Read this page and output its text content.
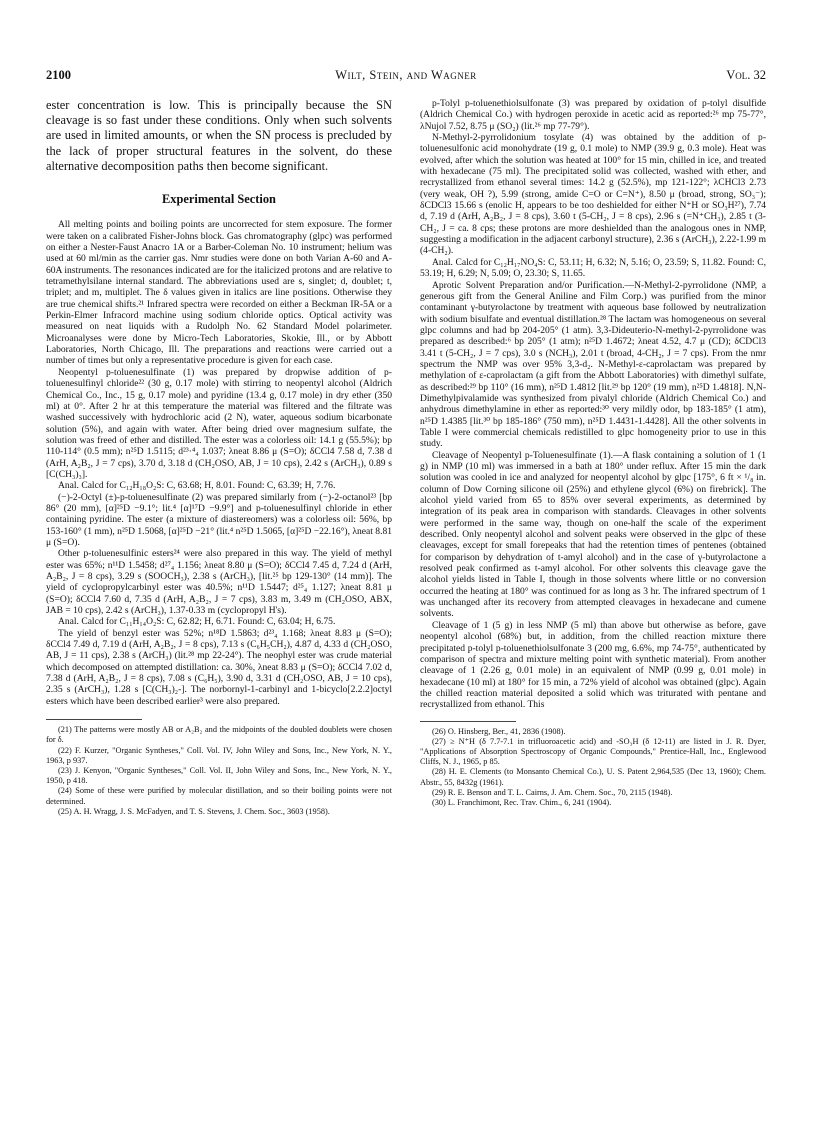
2100	Wilt, Stein, and Wagner	Vol. 32

ester concentration is low. This is principally because the SN cleavage is so fast under these conditions. Only when such solvents are used in limited amounts, or when the SN process is precluded by the lack of proper structural features in the solvent, do these alternative decomposition paths then become significant.

Experimental Section

All melting points and boiling points are uncorrected for stem exposure. The former were taken on a calibrated Fisher-Johns block. Gas chromatography (glpc) was performed on either a Nester-Faust Anacro 1A or a Barber-Coleman No. 10 instrument; helium was used at 60 ml/min as the carrier gas. Nmr studies were done on both Varian A-60 and A-60A instruments. The resonances indicated are for the italicized protons and are relative to tetramethylsilane internal standard. The abbreviations used are s, singlet; d, doublet; t, triplet; and m, multiplet. The δ values given in italics are line positions. Otherwise they are true chemical shifts.²¹ Infrared spectra were recorded on either a Beckman IR-5A or a Perkin-Elmer Infracord machine using sodium chloride optics. Optical activity was measured on neat liquids with a Rudolph No. 62 Standard Model polarimeter. Microanalyses were done by Micro-Tech Laboratories, Skokie, Ill., or by Abbott Laboratories, North Chicago, Ill. The preparations and reactions were carried out a number of times but only a representative procedure is given for each case.

Neopentyl p-toluenesulfinate (1) was prepared by dropwise addition of p-toluenesulfinyl chloride²² (30 g, 0.17 mole) with stirring to neopentyl alcohol (Aldrich Chemical Co., Inc., 15 g, 0.17 mole) and pyridine (13.4 g, 0.17 mole) in dry ether (350 ml) at 0°. After 2 hr at this temperature the material was filtered and the filtrate was washed successively with hydrochloric acid (2 N), water, aqueous sodium bicarbonate solution (5%), and again with water. After being dried over magnesium sulfate, the solution was freed of ether and distilled. The ester was a colorless oil: 14.1 g (55.5%); bp 110-114° (0.5 mm); n²⁵D 1.5115; d²³·⁴₄ 1.037; λneat 8.86 μ (S=O); δCCl4 7.58 d, 7.38 d (ArH, A₂B₂, J = 7 cps), 3.70 d, 3.18 d (CH₂OSO, AB, J = 10 cps), 2.42 s (ArCH₃), 0.89 s [C(CH₃)₃].

Anal. Calcd for C₁₂H₁₈O₂S: C, 63.68; H, 8.01. Found: C, 63.39; H, 7.76.

(−)-2-Octyl (±)-p-toluenesulfinate (2) was prepared similarly from (−)-2-octanol²³ [bp 86° (20 mm), [α]²⁵D −9.1°; lit.⁴ [α]¹⁷D −9.9°] and p-toluenesulfinyl chloride in ether containing pyridine. The ester (a mixture of diastereomers) was a colorless oil: 56%, bp 153-160° (1 mm), n²⁵D 1.5068, [α]²⁵D −21° (lit.⁴ n²⁵D 1.5065, [α]²⁵D −22.16°), λneat 8.81 μ (S=O).

Other p-toluenesulfinic esters²⁴ were also prepared in this way. The yield of methyl ester was 65%; n¹¹D 1.5458; d²⁷₄ 1.156; λneat 8.80 μ (S=O); δCCl4 7.45 d, 7.24 d (ArH, A₂B₂, J = 8 cps), 3.29 s (SOOCH₃), 2.38 s (ArCH₃), [lit.²⁵ bp 129-130° (14 mm)]. The yield of cyclopropylcarbinyl ester was 40.5%; n¹¹D 1.5447; d²⁵₄ 1.127; λneat 8.81 μ (S=O); δCCl4 7.60 d, 7.35 d (ArH, A₂B₂, J = 7 cps), 3.83 m, 3.49 m (CH₂OSO, ABX, JAB = 10 cps), 2.42 s (ArCH₃), 1.37-0.33 m (cyclopropyl H's).

Anal. Calcd for C₁₁H₁₄O₂S: C, 62.82; H, 6.71. Found: C, 63.04; H, 6.75.

The yield of benzyl ester was 52%; n¹⁸D 1.5863; d²³₄ 1.168; λneat 8.83 μ (S=O); δCCl4 7.49 d, 7.19 d (ArH, A₂B₂, J = 8 cps), 7.13 s (C₆H₅CH₂), 4.87 d, 4.33 d (CH₂OSO, AB, J = 11 cps), 2.38 s (ArCH₃) (lit.²⁸ mp 22-24°). The neophyl ester was crude material which decomposed on attempted distillation: ca. 30%, λneat 8.83 μ (S=O); δCCl4 7.02 d, 7.38 d (ArH, A₂B₂, J = 8 cps), 7.08 s (C₆H₅), 3.90 d, 3.31 d (CH₂OSO, AB, J = 10 cps), 2.35 s (ArCH₃), 1.28 s [C(CH₃)₂-]. The norbornyl-1-carbinyl and 1-bicyclo[2.2.2]octyl esters which have been described earlier³ were also prepared.

(21) The patterns were mostly AB or A₂B₂ and the midpoints of the doubled doublets were chosen for δ.

(22) F. Kurzer, "Organic Syntheses," Coll. Vol. IV, John Wiley and Sons, Inc., New York, N. Y., 1963, p 937.

(23) J. Kenyon, "Organic Syntheses," Coll. Vol. II, John Wiley and Sons, Inc., New York, N. Y., 1950, p 418.

(24) Some of these were purified by molecular distillation, and so their boiling points were not determined.

(25) A. H. Wragg, J. S. McFadyen, and T. S. Stevens, J. Chem. Soc., 3603 (1958).

p-Tolyl p-toluenethiolsulfonate (3) was prepared by oxidation of p-tolyl disulfide (Aldrich Chemical Co.) with hydrogen peroxide in acetic acid as reported:²⁶ mp 75-77°, λNujol 7.52, 8.75 μ (SO₂) (lit.²⁶ mp 77-79°).

N-Methyl-2-pyrrolidonium tosylate (4) was obtained by the addition of p-toluenesulfonic acid monohydrate (19 g, 0.1 mole) to NMP (39.9 g, 0.3 mole). Heat was evolved, after which the solution was heated at 100° for 15 min, chilled in ice, and treated with hexadecane (75 ml). The precipitated solid was collected, washed with ether, and recrystallized from ethanol several times: 14.2 g (52.5%), mp 121-122°; λCHCl3 2.73 (very weak, OH ?), 5.99 (strong, amide C=O or C=N⁺), 8.50 μ (broad, strong, SO₃⁻); δCDCl3 15.66 s (enolic H, appears to be too deshielded for either N⁺H or SO₃H²⁷), 7.74 d, 7.19 d (ArH, A₂B₂, J = 8 cps), 3.60 t (5-CH₂, J = 8 cps), 2.96 s (=N⁺CH₃), 2.85 t (3-CH₂, J = ca. 8 cps; these protons are more deshielded than the analogous ones in NMP, suggesting a modification in the adjacent carbonyl structure), 2.36 s (ArCH₃), 2.22-1.99 m (4-CH₂).

Anal. Calcd for C₁₂H₁₇NO₄S: C, 53.11; H, 6.32; N, 5.16; O, 23.59; S, 11.82. Found: C, 53.19; H, 6.29; N, 5.09; O, 23.30; S, 11.65.

Aprotic Solvent Preparation and/or Purification.—N-Methyl-2-pyrrolidone (NMP, a generous gift from the General Aniline and Film Corp.) was purified from the minor contaminant γ-butyrolactone by treatment with aqueous base followed by neutralization with sodium bisulfate and eventual distillation.²⁸ The lactam was homogeneous on several glpc columns and had bp 204-205° (1 atm). 3,3-Dideuterio-N-methyl-2-pyrrolidone was prepared as described:⁶ bp 205° (1 atm); n²⁵D 1.4672; λneat 4.52, 4.7 μ (CD); δCDCl3 3.41 t (5-CH₂, J = 7 cps), 3.0 s (NCH₃), 2.01 t (broad, 4-CH₂, J = 7 cps). From the nmr spectrum the NMP was over 95% 3,3-d₂. N-Methyl-ε-caprolactam was prepared by methylation of ε-caprolactam (a gift from the Abbott Laboratories) with dimethyl sulfate, as described:²⁹ bp 110° (16 mm), n²⁵D 1.4812 [lit.²⁹ bp 120° (19 mm), n²⁵D 1.4818]. N,N-Dimethylpivalamide was synthesized from pivalyl chloride (Aldrich Chemical Co.) and anhydrous dimethylamine in ether as reported:³⁰ very mildly odor, bp 183-185° (1 atm), n²⁵D 1.4385 [lit.³⁰ bp 185-186° (750 mm), n²⁵D 1.4431-1.4428]. All the other solvents in Table I were commercial chemicals redistilled to glpc homogeneity prior to use in this study.

Cleavage of Neopentyl p-Toluenesulfinate (1).—A flask containing a solution of 1 (1 g) in NMP (10 ml) was immersed in a bath at 180° under reflux. After 15 min the dark solution was cooled in ice and analyzed for neopentyl alcohol by glpc [175°, 6 ft × ¹/₈ in. column of Dow Corning silicone oil (25%) and ethylene glycol (6%) on firebrick]. The alcohol yield varied from 65 to 85% over several experiments, as determined by integration of its peak area in comparison with standards. Cleavages in other solvents were performed in the same way, though on one-half the scale of the experiment described. Only neopentyl alcohol and solvent peaks were observed in the glpc of these cleavages, except for small forepeaks that had the retention times of pentenes (obtained for comparison by dehydration of t-amyl alcohol) and in the case of γ-butyrolactone a resolved peak confirmed as t-amyl alcohol. For other solvents this cleavage gave the alcohol yields listed in Table I, though in those solvents where little or no conversion occurred the heating at 180° was continued for as long as 3 hr. The infrared spectrum of 1 was unchanged after its recovery from attempted cleavages in hexadecane and cumene solvents.

Cleavage of 1 (5 g) in less NMP (5 ml) than above but otherwise as before, gave neopentyl alcohol (68%) but, in addition, from the chilled reaction mixture there precipitated p-tolyl p-toluenethiolsulfonate 3 (200 mg, 6.6%, mp 74-75°, authenticated by comparison of spectra and mixture melting point with synthetic material). From another cleavage of 1 (2.26 g, 0.01 mole) in an equivalent of NMP (0.99 g, 0.01 mole) in hexadecane (10 ml) at 180° for 15 min, a 72% yield of alcohol was obtained (glpc). Again the chilled reaction material deposited a solid which was triturated with pentane and recrystallized from ethanol. This

(26) O. Hinsberg, Ber., 41, 2836 (1908).

(27) ≥ N⁺H (δ 7.7-7.1 in trifluoroacetic acid) and -SO₃H (δ 12-11) are listed in J. R. Dyer, "Applications of Absorption Spectroscopy of Organic Compounds," Prentice-Hall, Inc., Englewood Cliffs, N. J., 1965, p 85.

(28) H. E. Clements (to Monsanto Chemical Co.), U. S. Patent 2,964,535 (Dec 13, 1960); Chem. Abstr., 55, 8432g (1961).

(29) R. E. Benson and T. L. Cairns, J. Am. Chem. Soc., 70, 2115 (1948).

(30) L. Franchimont, Rec. Trav. Chim., 6, 241 (1904).
